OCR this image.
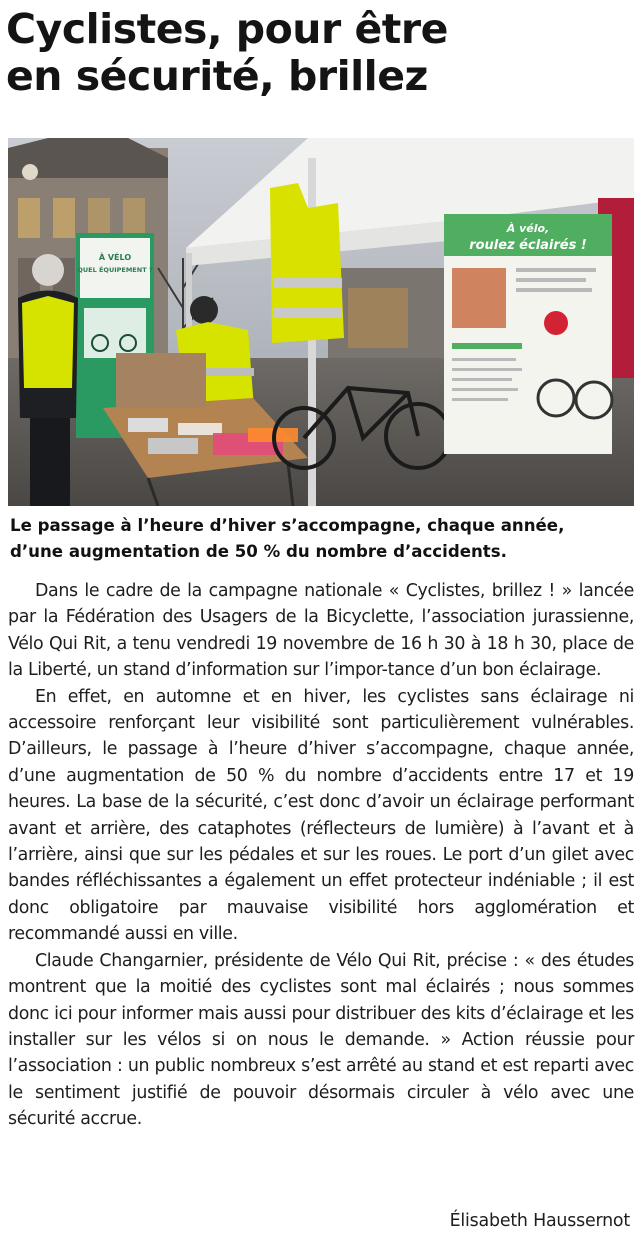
Cyclistes, pour être
en sécurité, brillez
À VÉLO
QUEL ÉQUIPEMENT ?
À vélo,
roulez éclairés !
Le passage à l’heure d’hiver s’accompagne, chaque année,
d’une augmentation de 50 % du nombre d’accidents.

Dans le cadre de la campagne nationale « Cyclistes, brillez ! » lancée par la Fédération des Usagers de la Bicyclette, l’association jurassienne, Vélo Qui Rit, a tenu vendredi 19 novembre de 16 h 30 à 18 h 30, place de la Liberté, un stand d’information sur l’impor-tance d’un bon éclairage.

En effet, en automne et en hiver, les cyclistes sans éclairage ni accessoire renforçant leur visibilité sont particulièrement vulnérables. D’ailleurs, le passage à l’heure d’hiver s’accompagne, chaque année, d’une augmentation de 50 % du nombre d’accidents entre 17 et 19 heures. La base de la sécurité, c’est donc d’avoir un éclairage performant avant et arrière, des cataphotes (réflecteurs de lumière) à l’avant et à l’arrière, ainsi que sur les pédales et sur les roues. Le port d’un gilet avec bandes réfléchissantes a également un effet protecteur indéniable ; il est donc obligatoire par mauvaise visibilité hors agglomération et recommandé aussi en ville.

Claude Changarnier, présidente de Vélo Qui Rit, précise : « des études montrent que la moitié des cyclistes sont mal éclairés ; nous sommes donc ici pour informer mais aussi pour distribuer des kits d’éclairage et les installer sur les vélos si on nous le demande. » Action réussie pour l’association : un public nombreux s’est arrêté au stand et est reparti avec le sentiment justifié de pouvoir désormais circuler à vélo avec une sécurité accrue.

Élisabeth Haussernot
